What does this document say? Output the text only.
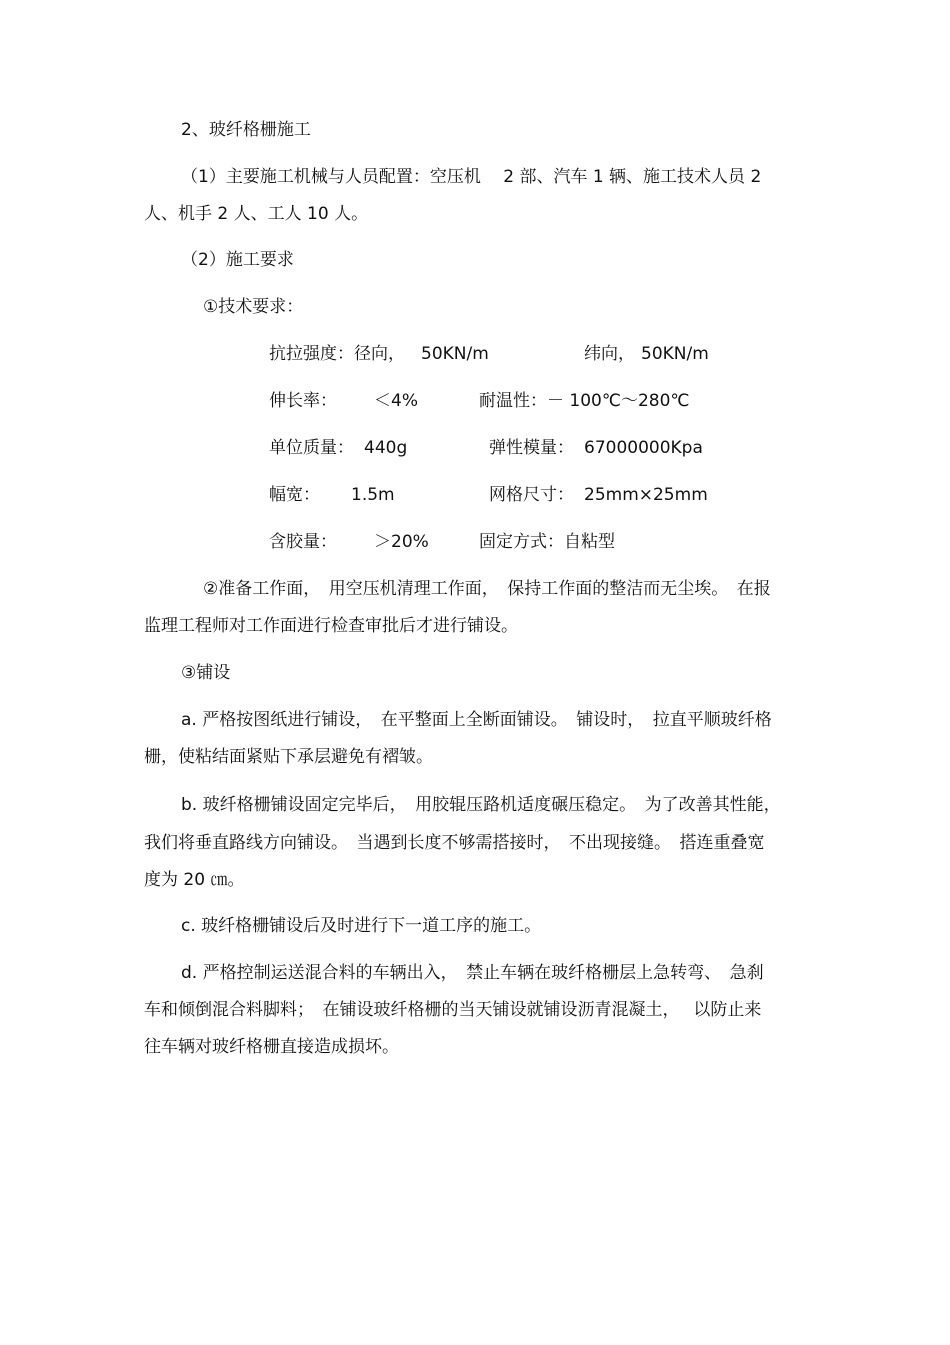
2、玻纤格栅施工
（1）主要施工机械与人员配置：空压机　 2 部、汽车 1 辆、施工技术人员 2
人、机手 2 人、工人 10 人。
（2）施工要求
①技术要求：
抗拉强度：径向， 50KN/m	纬向， 50KN/m
伸长率： ＜4%	耐温性：－ 100℃～280℃
单位质量： 440g	弹性模量： 67000000Kpa
幅宽： 1.5m	网格尺寸： 25mm×25mm
含胶量： ＞20%	固定方式：自粘型
②准备工作面，　用空压机清理工作面，　保持工作面的整洁而无尘埃。　在报
监理工程师对工作面进行检查审批后才进行铺设。
③铺设
a. 严格按图纸进行铺设，　在平整面上全断面铺设。　铺设时，　拉直平顺玻纤格
栅，使粘结面紧贴下承层避免有褶皱。
b. 玻纤格栅铺设固定完毕后，　用胶辊压路机适度碾压稳定。　为了改善其性能，
我们将垂直路线方向铺设。　当遇到长度不够需搭接时，　不出现接缝。　搭连重叠宽
度为 20 ㎝。
c. 玻纤格栅铺设后及时进行下一道工序的施工。
d. 严格控制运送混合料的车辆出入，　禁止车辆在玻纤格栅层上急转弯、　急刹
车和倾倒混合料脚料；　在铺设玻纤格栅的当天铺设就铺设沥青混凝土，　 以防止来
往车辆对玻纤格栅直接造成损坏。
